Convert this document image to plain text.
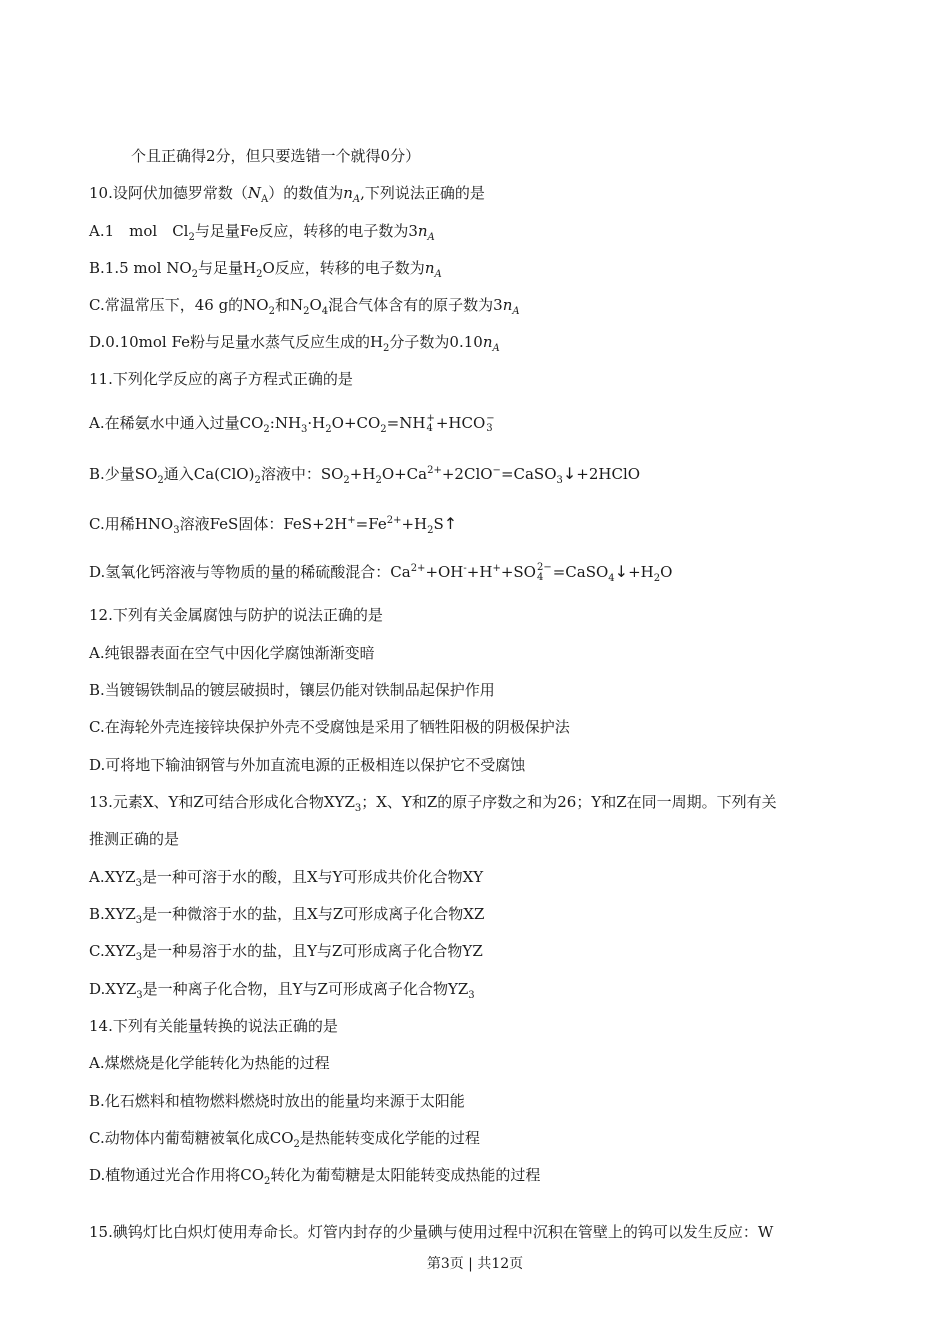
个且正确得2分，但只要选错一个就得0分）
10.设阿伏加德罗常数$(N_A)$的数值为$n_A$,下列说法正确的是
A.1　mol　$Cl_2$与足量Fe反应，转移的电子数为$3n_A$
B.1.5 mol $NO_2$与足量$H_2O$反应，转移的电子数为$n_A$
C.常温常压下，46 g的$NO_2$和$N_2O_4$混合气体含有的原子数为$3n_A$
D.0.10mol Fe粉与足量水蒸气反应生成的$H_2$分子数为$0.10n_A$
11.下列化学反应的离子方程式正确的是
A.在稀氨水中通入过量$CO_2:NH_3\cdot H_2O+CO_2=NH$ +
4 +HCO −
3
B.少量$SO_2$通入$Ca(ClO)_2$溶液中：$SO_2+H_2O+Ca^{2+}+2ClO^-=CaSO_3↓+2HClO$
C.用稀$HNO_3$溶液FeS固体：$FeS+2H^+=Fe^{2+}+H_2S↑$
D.氢氧化钙溶液与等物质的量的稀硫酸混合：$Ca^{2+}+OH^-+H^++SO$ 2−
$4 =CaSO_4↓+H_2O$
12.下列有关金属腐蚀与防护的说法正确的是
A.纯银器表面在空气中因化学腐蚀渐渐变暗
B.当镀锡铁制品的镀层破损时，镶层仍能对铁制品起保护作用
C.在海轮外壳连接锌块保护外壳不受腐蚀是采用了牺牲阳极的阴极保护法
D.可将地下输油钢管与外加直流电源的正极相连以保护它不受腐蚀
13.元素X、Y和Z可结合形成化合物$XYZ_3$；X、Y和Z的原子序数之和为26；Y和Z在同一周期。下列有关
推测正确的是
$A.XYZ_3$是一种可溶于水的酸，且X与Y可形成共价化合物XY
$B.XYZ_3$是一种微溶于水的盐，且X与Z可形成离子化合物XZ
$C.XYZ_3$是一种易溶于水的盐，且Y与Z可形成离子化合物YZ
$D.XYZ_3$是一种离子化合物，且Y与Z可形成离子化合物$YZ_3$
14.下列有关能量转换的说法正确的是
A.煤燃烧是化学能转化为热能的过程
B.化石燃料和植物燃料燃烧时放出的能量均来源于太阳能
C.动物体内葡萄糖被氧化成$CO_2$是热能转变成化学能的过程
D.植物通过光合作用将$CO_2$转化为葡萄糖是太阳能转变成热能的过程
15.碘钨灯比白炽灯使用寿命长。灯管内封存的少量碘与使用过程中沉积在管壁上的钨可以发生反应：W
第3页 | 共12页
